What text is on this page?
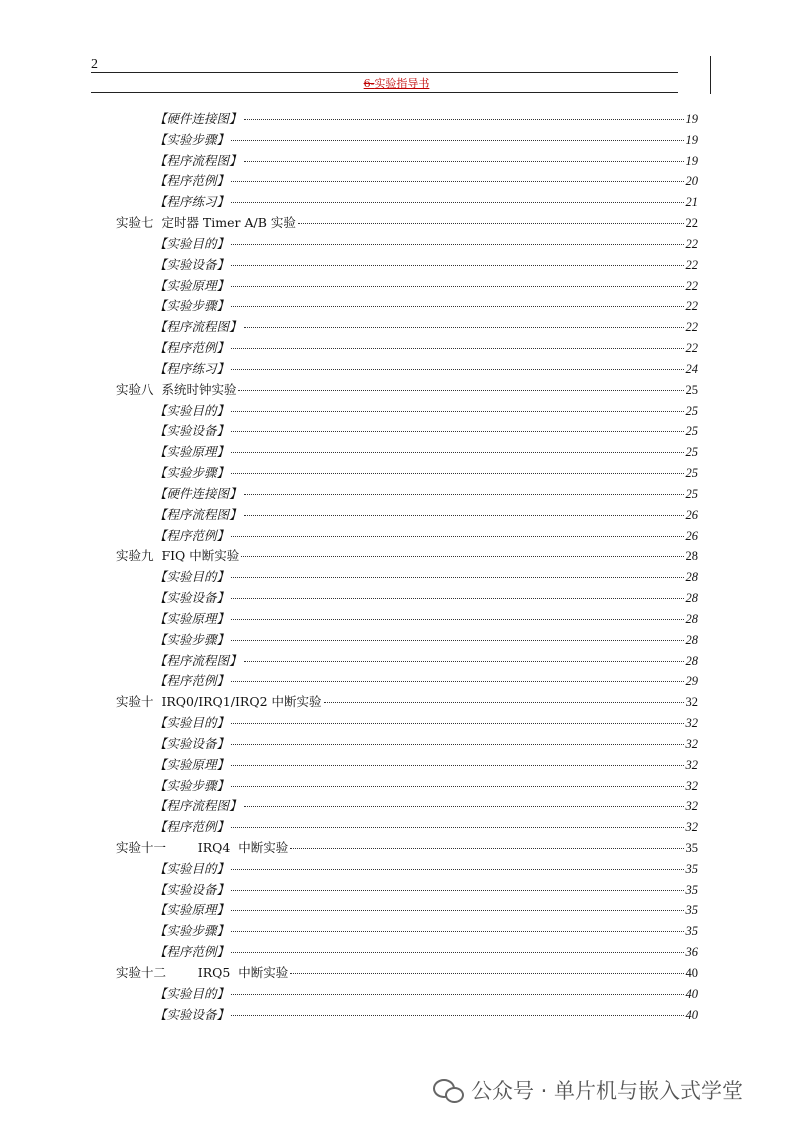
2
6-实验指导书
【硬件连接图】	19
【实验步骤】	19
【程序流程图】	19
【程序范例】	20
【程序练习】	21
实验七  定时器 Timer A/B 实验	22
【实验目的】	22
【实验设备】	22
【实验原理】	22
【实验步骤】	22
【程序流程图】	22
【程序范例】	22
【程序练习】	24
实验八  系统时钟实验	25
【实验目的】	25
【实验设备】	25
【实验原理】	25
【实验步骤】	25
【硬件连接图】	25
【程序流程图】	26
【程序范例】	26
实验九  FIQ 中断实验	28
【实验目的】	28
【实验设备】	28
【实验原理】	28
【实验步骤】	28
【程序流程图】	28
【程序范例】	29
实验十  IRQ0/IRQ1/IRQ2 中断实验	32
【实验目的】	32
【实验设备】	32
【实验原理】	32
【实验步骤】	32
【程序流程图】	32
【程序范例】	32
实验十一        IRQ4  中断实验	35
【实验目的】	35
【实验设备】	35
【实验原理】	35
【实验步骤】	35
【程序范例】	36
实验十二        IRQ5  中断实验	40
【实验目的】	40
【实验设备】	40
公众号 · 单片机与嵌入式学堂
